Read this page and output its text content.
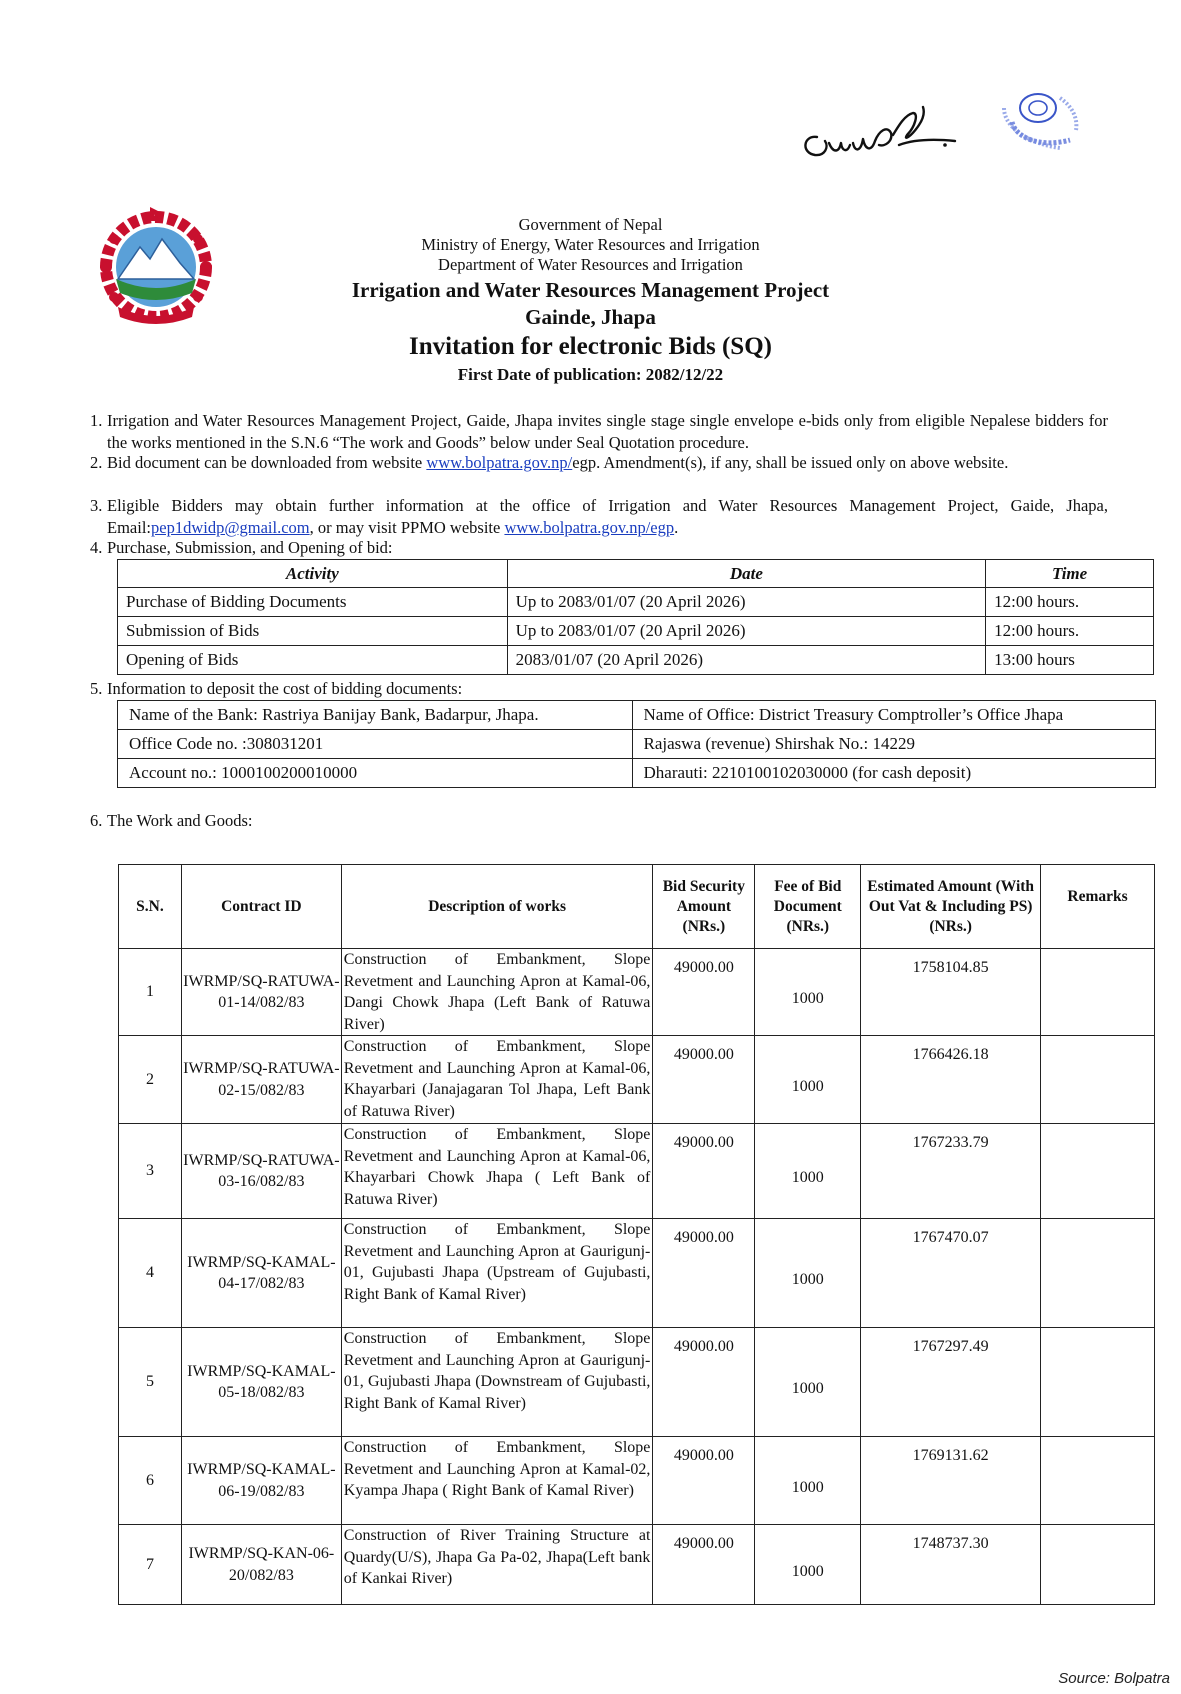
Government of Nepal
Ministry of Energy, Water Resources and Irrigation
Department of Water Resources and Irrigation
Irrigation and Water Resources Management Project
Gainde, Jhapa
Invitation for electronic Bids (SQ)
First Date of publication: 2082/12/22
1. Irrigation and Water Resources Management Project, Gaide, Jhapa invites single stage single envelope e-bids only from eligible Nepalese bidders for the works mentioned in the S.N.6 “The work and Goods” below under Seal Quotation procedure.
2. Bid document can be downloaded from website www.bolpatra.gov.np/egp. Amendment(s), if any, shall be issued only on above website.
3. Eligible Bidders may obtain further information at the office of Irrigation and Water Resources Management Project, Gaide, Jhapa, Email:pep1dwidp@gmail.com, or may visit PPMO website www.bolpatra.gov.np/egp.
4. Purchase, Submission, and Opening of bid:
Activity	Date	Time
Purchase of Bidding Documents	Up to 2083/01/07 (20 April 2026)	12:00 hours.
Submission of Bids	Up to 2083/01/07 (20 April 2026)	12:00 hours.
Opening of Bids	2083/01/07 (20 April 2026)	13:00 hours
5. Information to deposit the cost of bidding documents:
Name of the Bank: Rastriya Banijay Bank, Badarpur, Jhapa.	Name of Office: District Treasury Comptroller’s Office Jhapa
Office Code no. :308031201	Rajaswa (revenue) Shirshak No.: 14229
Account no.: 1000100200010000	Dharauti: 2210100102030000 (for cash deposit)
6. The Work and Goods:
S.N.	Contract ID	Description of works	Bid Security Amount (NRs.)	Fee of Bid Document (NRs.)	Estimated Amount (With Out Vat & Including PS) (NRs.)	Remarks
1	IWRMP/SQ-RATUWA-01-14/082/83	Construction of Embankment, Slope Revetment and Launching Apron at Kamal-06, Dangi Chowk Jhapa (Left Bank of Ratuwa River)	49000.00	1000	1758104.85	
2	IWRMP/SQ-RATUWA-02-15/082/83	Construction of Embankment, Slope Revetment and Launching Apron at Kamal-06, Khayarbari (Janajagaran Tol Jhapa, Left Bank of Ratuwa River)	49000.00	1000	1766426.18	
3	IWRMP/SQ-RATUWA-03-16/082/83	Construction of Embankment, Slope Revetment and Launching Apron at Kamal-06, Khayarbari Chowk Jhapa ( Left Bank of Ratuwa River)	49000.00	1000	1767233.79	
4	IWRMP/SQ-KAMAL-04-17/082/83	Construction of Embankment, Slope Revetment and Launching Apron at Gaurigunj-01, Gujubasti Jhapa (Upstream of Gujubasti, Right Bank of Kamal River)	49000.00	1000	1767470.07	
5	IWRMP/SQ-KAMAL-05-18/082/83	Construction of Embankment, Slope Revetment and Launching Apron at Gaurigunj-01, Gujubasti Jhapa (Downstream of Gujubasti, Right Bank of Kamal River)	49000.00	1000	1767297.49	
6	IWRMP/SQ-KAMAL-06-19/082/83	Construction of Embankment, Slope Revetment and Launching Apron at Kamal-02, Kyampa Jhapa ( Right Bank of Kamal River)	49000.00	1000	1769131.62	
7	IWRMP/SQ-KAN-06-20/082/83	Construction of River Training Structure at Quardy(U/S), Jhapa Ga Pa-02, Jhapa(Left bank of Kankai River)	49000.00	1000	1748737.30	
Source: Bolpatra
